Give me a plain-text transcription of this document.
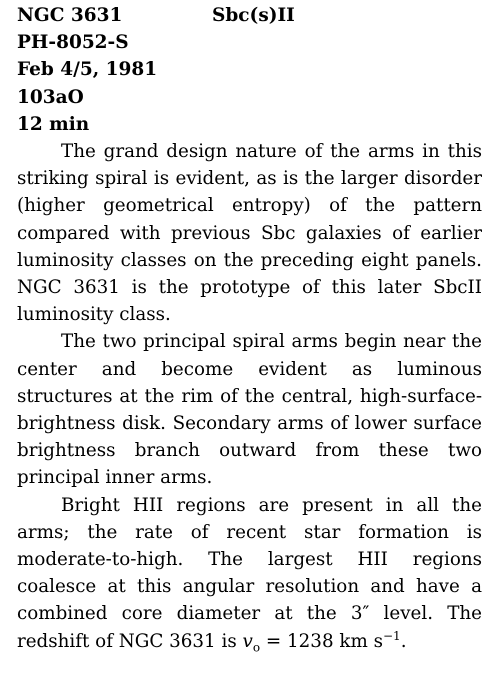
NGC 3631
PH-8052-S
Feb 4/5, 1981
103aO
12 min
Sbc(s)II

The grand design nature of the arms in this striking spiral is evident, as is the larger disorder (higher geometrical entropy) of the pattern compared with previous Sbc galaxies of earlier luminosity classes on the preceding eight panels. NGC 3631 is the prototype of this later SbcII luminosity class.

The two principal spiral arms begin near the center and become evident as luminous structures at the rim of the central, high-surface-brightness disk. Secondary arms of lower surface brightness branch outward from these two principal inner arms.

Bright HII regions are present in all the arms; the rate of recent star formation is moderate-to-high. The largest HII regions coalesce at this angular resolution and have a combined core diameter at the 3″ level. The redshift of NGC 3631 is $v_o = 1238$ km $s^{-1}$.
